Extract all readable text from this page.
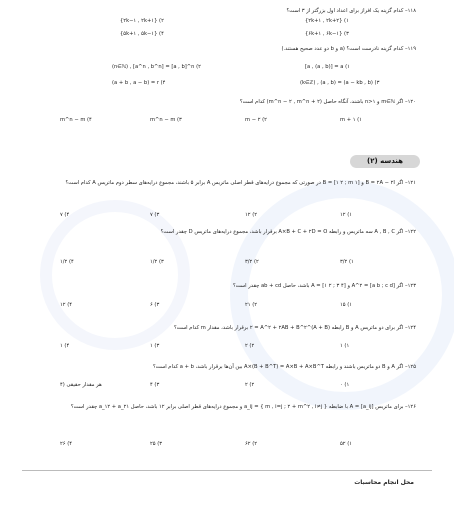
۱۱۸– کدام گزینه یک افراز برای اعداد اول بزرگتر از ۳ است؟
{۲k−۱ , ۲k+۱} (۲	{۲k+۱ , ۲k+۲} (۱
{۵k+۱ , ۵k−۱} (۴	{۶k+۱ , ۶k−۱} (۳
۱۱۹– کدام گزینه نادرست است؟ (a و b دو عدد صحیح هستند.)
(n∈ℕ) , [a^n , b^n] = [a , b]^n (۲	[a , (a , b)] = a (۱
(a + b , a − b) = r (۴	(k∈ℤ) , (a , b) = (a − kb , b) (۳
۱۲۰– اگر m∈ℕ و n>۱ باشند، آنگاه حاصل (m^n − ۲ , m^n + ۲) کدام است؟
m^n − m (۴	m^n − m (۳	m − ۲ (۲	m + ۱ (۱
هندسه (۲)
۱۲۱– اگر B = ۲A − ۲I و B = [۱ ۲ ; m ۱] در صورتی که مجموع درایه‌های قطر اصلی ماتریس A برابر ۵ باشند، مجموع درایه‌های سطر دوم ماتریس A کدام است؟
۷ (۴	۷ (۳	۱۲ (۲	۱۲ (۱
۱۲۲– اگر A , B , C سه ماتریس و رابطه A×B + C + ۲D = O برقرار باشد، مجموع درایه‌های ماتریس D چقدر است؟
۱/۲ (۴	۱/۲ (۳	۳/۲ (۲	۳/۲ (۱
۱۲۳– اگر A^۲ = [a b ; c d] و A = [۱ ۲ ; ۳ ۴] باشد، حاصل ab + cd چقدر است؟
۱۲ (۴	۶ (۳	۲۱ (۲	۱۵ (۱
۱۲۴– اگر برای دو ماتریس A و B رابطه (A + B)^۲ = A^۲ + ۲AB + B^۲ برقرار باشد، مقدار m کدام است؟
۱ (۴	۱ (۳	۲ (۲	۱ (۱
۱۲۵– اگر A و B دو ماتریس باشند و رابطه A×(B + B^T) = A×B + A×B^T بین آن‌ها برقرار باشد، a + b کدام است؟
هر مقدار حقیقی (۴	۴ (۳	۲ (۲	۰ (۱
۱۲۶– برای ماتریس A = [a_ij] با ضابطه a_ij = { m , i=j ; ۲ + m^۲ , i≠j } و مجموع درایه‌های قطر اصلی برابر ۱۲ باشد، حاصل a_۱۲ + a_۲۱ چقدر است؟
۲۶ (۴	۲۵ (۳	۶۲ (۲	۵۲ (۱
محل انجام محاسبات
